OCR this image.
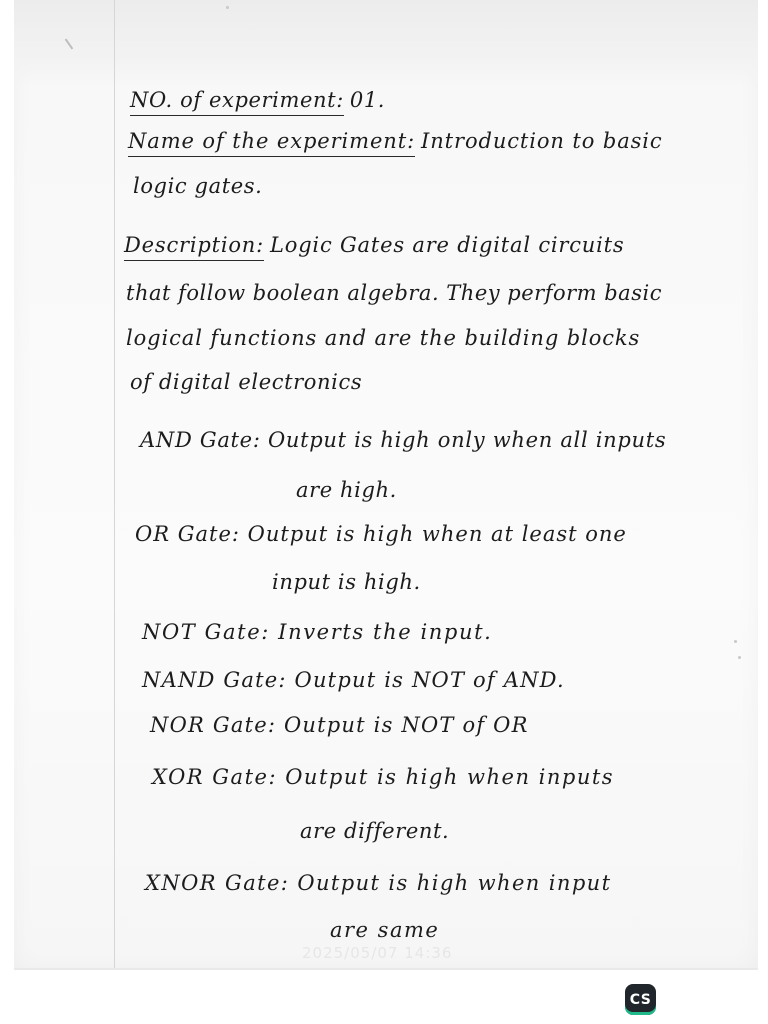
NO. of experiment: 01.
Name of the experiment: Introduction to basic
logic gates.
Description: Logic Gates are digital circuits
that follow boolean algebra. They perform basic
logical functions and are the building blocks
of digital electronics
AND Gate: Output is high only when all inputs
are high.
OR Gate: Output is high when at least one
input is high.
NOT Gate: Inverts the input.
NAND Gate: Output is NOT of AND.
NOR Gate: Output is NOT of OR
XOR Gate: Output is high when inputs
are different.
XNOR Gate: Output is high when input
are same
2025/05/07 14:36
CS
